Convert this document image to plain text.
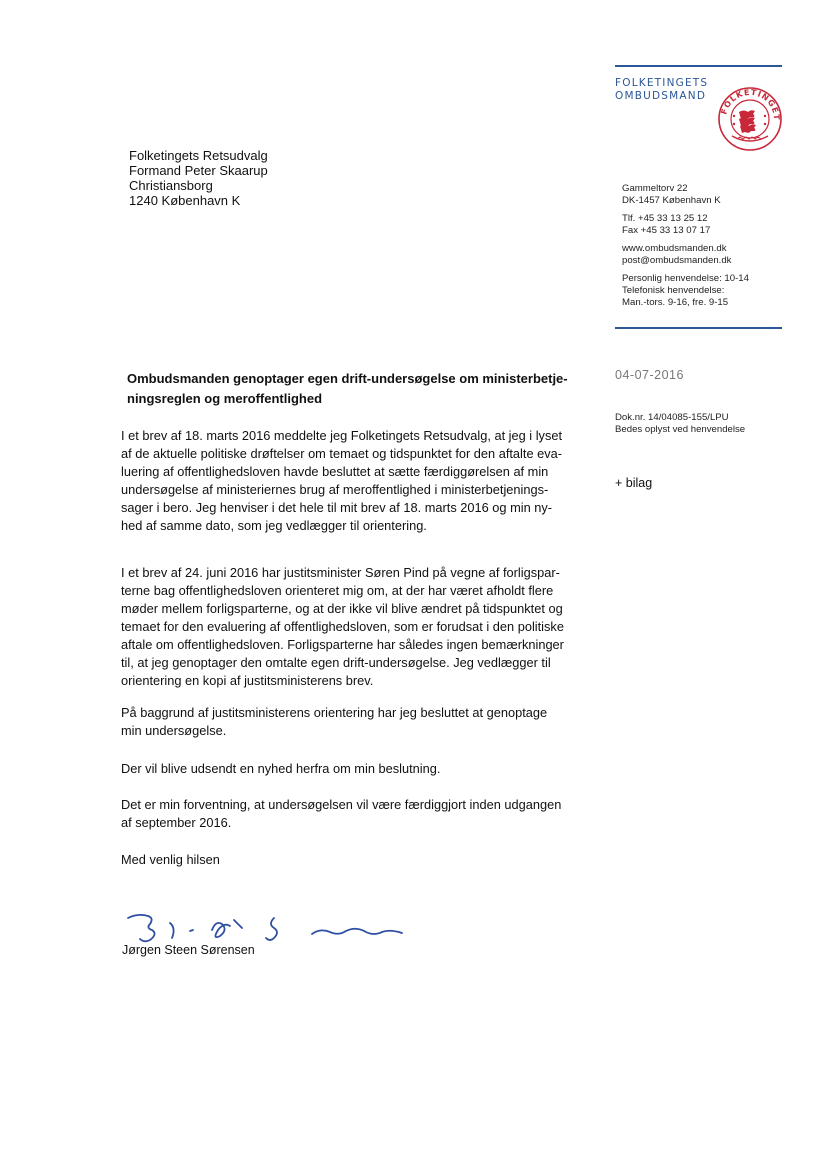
FOLKETINGETS
OMBUDSMAND
FOLKETINGET
Gammeltorv 22
DK-1457 København K
Tlf. +45 33 13 25 12
Fax +45 33 13 07 17
www.ombudsmanden.dk
post@ombudsmanden.dk
Personlig henvendelse: 10-14
Telefonisk henvendelse:
Man.-tors. 9-16, fre. 9-15
Folketingets Retsudvalg
Formand Peter Skaarup
Christiansborg
1240 København K
04-07-2016
Dok.nr. 14/04085-155/LPU
Bedes oplyst ved henvendelse
+ bilag
Ombudsmanden genoptager egen drift-undersøgelse om ministerbetje-
ningsreglen og meroffentlighed
I et brev af 18. marts 2016 meddelte jeg Folketingets Retsudvalg, at jeg i lyset
af de aktuelle politiske drøftelser om temaet og tidspunktet for den aftalte eva-
luering af offentlighedsloven havde besluttet at sætte færdiggørelsen af min
undersøgelse af ministeriernes brug af meroffentlighed i ministerbetjenings-
sager i bero. Jeg henviser i det hele til mit brev af 18. marts 2016 og min ny-
hed af samme dato, som jeg vedlægger til orientering.
I et brev af 24. juni 2016 har justitsminister Søren Pind på vegne af forligspar-
terne bag offentlighedsloven orienteret mig om, at der har været afholdt flere
møder mellem forligsparterne, og at der ikke vil blive ændret på tidspunktet og
temaet for den evaluering af offentlighedsloven, som er forudsat i den politiske
aftale om offentlighedsloven. Forligsparterne har således ingen bemærkninger
til, at jeg genoptager den omtalte egen drift-undersøgelse. Jeg vedlægger til
orientering en kopi af justitsministerens brev.
På baggrund af justitsministerens orientering har jeg besluttet at genoptage
min undersøgelse.
Der vil blive udsendt en nyhed herfra om min beslutning.
Det er min forventning, at undersøgelsen vil være færdiggjort inden udgangen
af september 2016.
Med venlig hilsen
Jørgen Steen Sørensen
